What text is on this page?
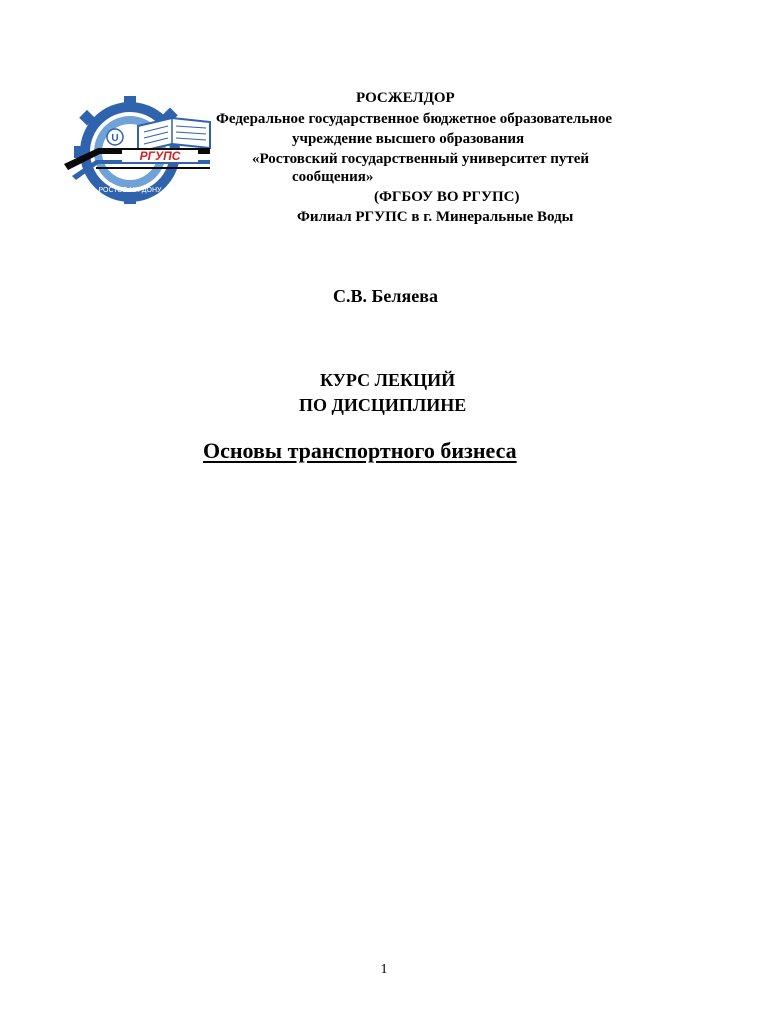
U
РГУПС
РОСТОВ-НА-ДОНУ

РОСЖЕЛДОР

Федеральное государственное бюджетное образовательное

учреждение высшего образования

«Ростовский государственный университет путей

сообщения»

(ФГБОУ ВО РГУПС)

Филиал РГУПС в г. Минеральные Воды

С.В. Беляева

КУРС ЛЕКЦИЙ

ПО ДИСЦИПЛИНЕ

Основы транспортного бизнеса

1
